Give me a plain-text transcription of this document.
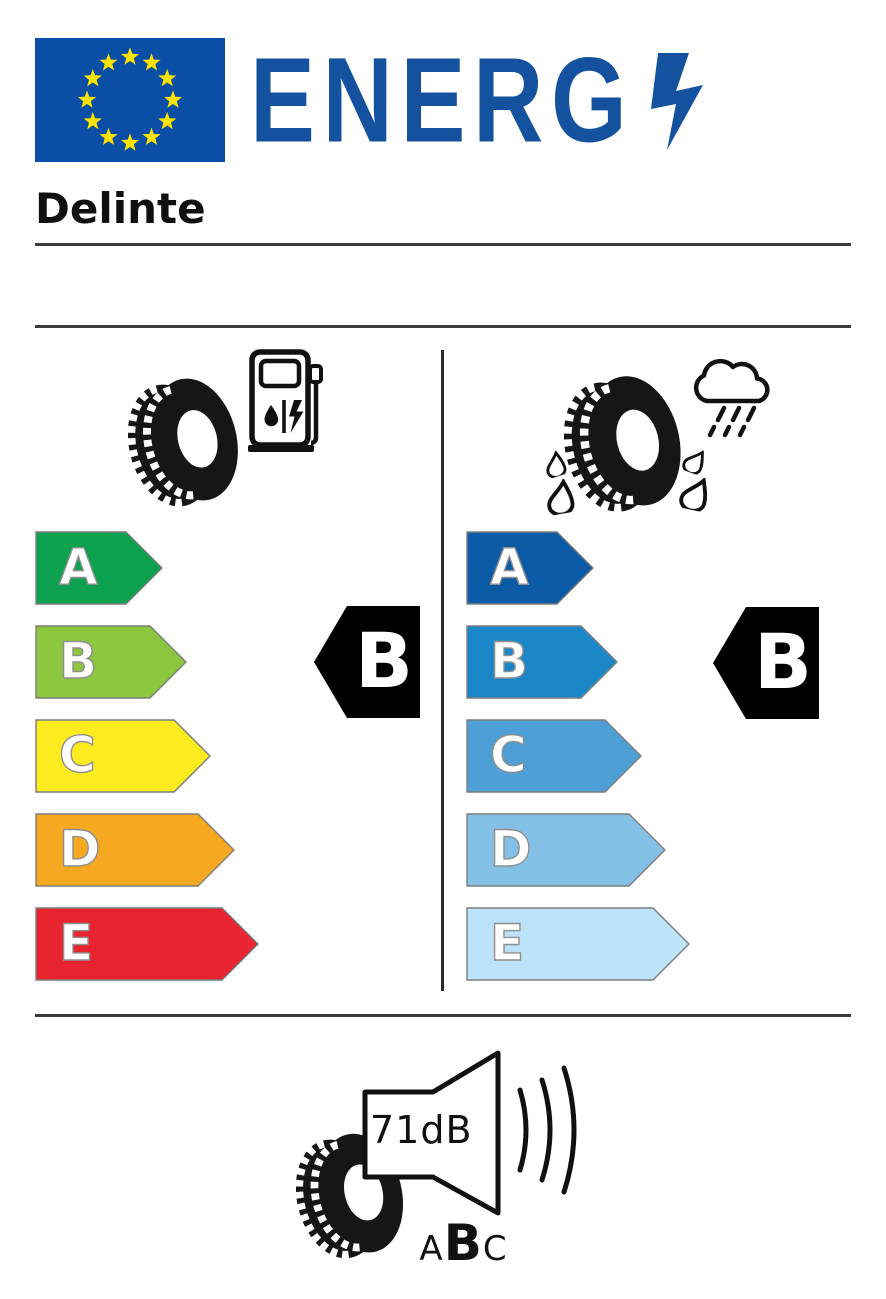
ENERG
Delinte
A
B
C
D
E
B
A
B
C
D
E
B
71dB
A B C
